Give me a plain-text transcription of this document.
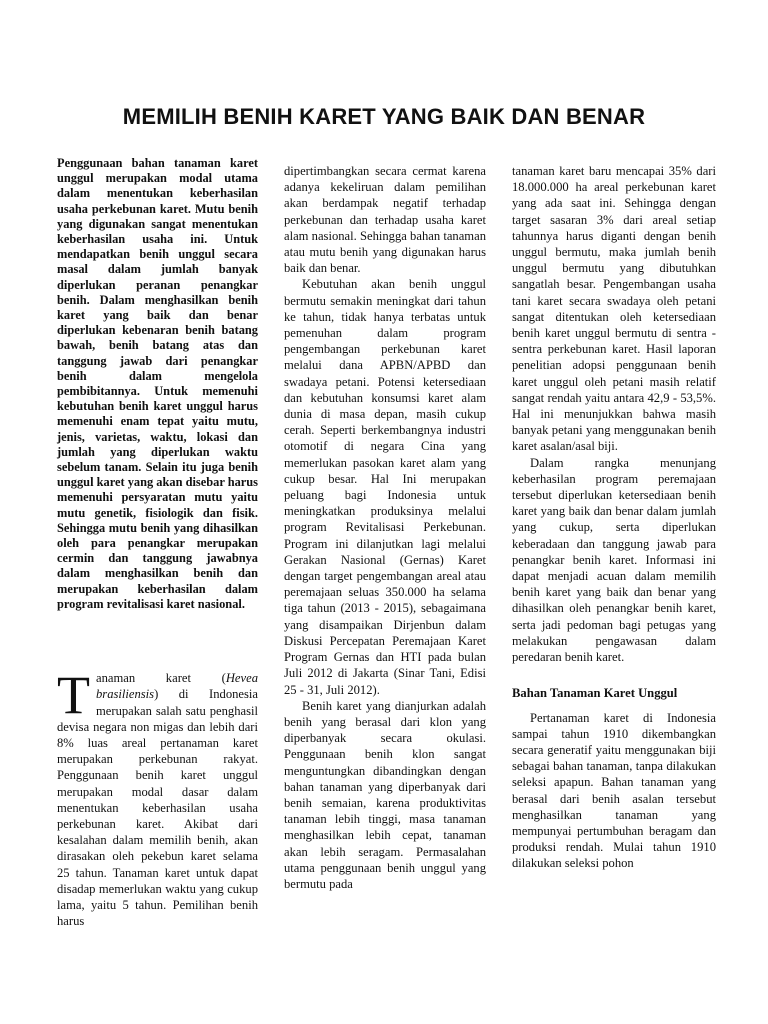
MEMILIH BENIH KARET YANG BAIK DAN BENAR

Penggunaan bahan tanaman karet unggul merupakan modal utama dalam menentukan keberhasilan usaha perkebunan karet. Mutu benih yang digunakan sangat menentukan keberhasilan usaha ini. Untuk mendapatkan benih unggul secara masal dalam jumlah banyak diperlukan peranan penangkar benih. Dalam menghasilkan benih karet yang baik dan benar diperlukan kebenaran benih batang bawah, benih batang atas dan tanggung jawab dari penangkar benih dalam mengelola pembibitannya. Untuk memenuhi kebutuhan benih karet unggul harus memenuhi enam tepat yaitu mutu, jenis, varietas, waktu, lokasi dan jumlah yang diperlukan waktu sebelum tanam. Selain itu juga benih unggul karet yang akan disebar harus memenuhi persyaratan mutu yaitu mutu genetik, fisiologik dan fisik. Sehingga mutu benih yang dihasilkan oleh para penangkar merupakan cermin dan tanggung jawabnya dalam menghasilkan benih dan merupakan keberhasilan dalam program revitalisasi karet nasional.

T anaman karet (Hevea brasiliensis) di Indonesia merupakan salah satu penghasil devisa negara non migas dan lebih dari 8% luas areal pertanaman karet merupakan perkebunan rakyat. Penggunaan benih karet unggul merupakan modal dasar dalam menentukan keberhasilan usaha perkebunan karet. Akibat dari kesalahan dalam memilih benih, akan dirasakan oleh pekebun karet selama 25 tahun. Tanaman karet untuk dapat disadap memerlukan waktu yang cukup lama, yaitu 5 tahun. Pemilihan benih harus

dipertimbangkan secara cermat karena adanya kekeliruan dalam pemilihan akan berdampak negatif terhadap perkebunan dan terhadap usaha karet alam nasional. Sehingga bahan tanaman atau mutu benih yang digunakan harus baik dan benar.

Kebutuhan akan benih unggul bermutu semakin meningkat dari tahun ke tahun, tidak hanya terbatas untuk pemenuhan dalam program pengembangan perkebunan karet melalui dana APBN/APBD dan swadaya petani. Potensi ketersediaan dan kebutuhan konsumsi karet alam dunia di masa depan, masih cukup cerah. Seperti berkembangnya industri otomotif di negara Cina yang memerlukan pasokan karet alam yang cukup besar. Hal Ini merupakan peluang bagi Indonesia untuk meningkatkan produksinya melalui program Revitalisasi Perkebunan. Program ini dilanjutkan lagi melalui Gerakan Nasional (Gernas) Karet dengan target pengembangan areal atau peremajaan seluas 350.000 ha selama tiga tahun (2013 - 2015), sebagaimana yang disampaikan Dirjenbun dalam Diskusi Percepatan Peremajaan Karet Program Gernas dan HTI pada bulan Juli 2012 di Jakarta (Sinar Tani, Edisi 25 - 31, Juli 2012).

Benih karet yang dianjurkan adalah benih yang berasal dari klon yang diperbanyak secara okulasi. Penggunaan benih klon sangat menguntungkan dibandingkan dengan bahan tanaman yang diperbanyak dari benih semaian, karena produktivitas tanaman lebih tinggi, masa tanaman menghasilkan lebih cepat, tanaman akan lebih seragam. Permasalahan utama penggunaan benih unggul yang bermutu pada

tanaman karet baru mencapai 35% dari 18.000.000 ha areal perkebunan karet yang ada saat ini. Sehingga dengan target sasaran 3% dari areal setiap tahunnya harus diganti dengan benih unggul bermutu, maka jumlah benih unggul bermutu yang dibutuhkan sangatlah besar. Pengembangan usaha tani karet secara swadaya oleh petani sangat ditentukan oleh ketersediaan benih karet unggul bermutu di sentra - sentra perkebunan karet. Hasil laporan penelitian adopsi penggunaan benih karet unggul oleh petani masih relatif sangat rendah yaitu antara 42,9 - 53,5%. Hal ini menunjukkan bahwa masih banyak petani yang menggunakan benih karet asalan/asal biji.

Dalam rangka menunjang keberhasilan program peremajaan tersebut diperlukan ketersediaan benih karet yang baik dan benar dalam jumlah yang cukup, serta diperlukan keberadaan dan tanggung jawab para penangkar benih karet. Informasi ini dapat menjadi acuan dalam memilih benih karet yang baik dan benar yang dihasilkan oleh penangkar benih karet, serta jadi pedoman bagi petugas yang melakukan pengawasan dalam peredaran benih karet.

Bahan Tanaman Karet Unggul

Pertanaman karet di Indonesia sampai tahun 1910 dikembangkan secara generatif yaitu menggunakan biji sebagai bahan tanaman, tanpa dilakukan seleksi apapun. Bahan tanaman yang berasal dari benih asalan tersebut menghasilkan tanaman yang mempunyai pertumbuhan beragam dan produksi rendah. Mulai tahun 1910 dilakukan seleksi pohon
